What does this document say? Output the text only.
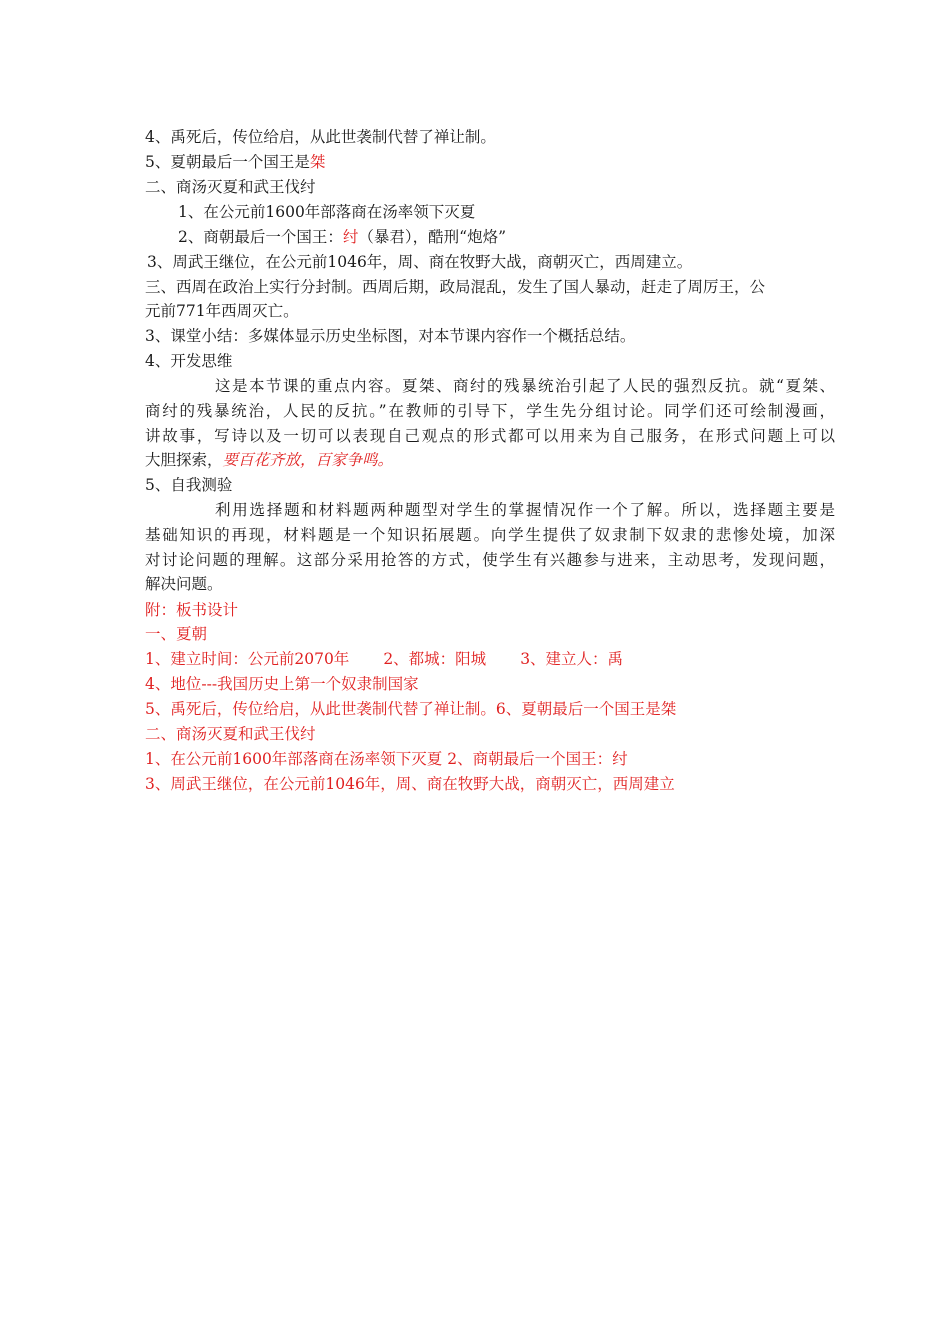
4、禹死后，传位给启，从此世袭制代替了禅让制。
5、夏朝最后一个国王是桀
二、商汤灭夏和武王伐纣
1、在公元前1600年部落商在汤率领下灭夏
2、商朝最后一个国王：纣（暴君），酷刑“炮烙”
3、周武王继位，在公元前1046年，周、商在牧野大战，商朝灭亡，西周建立。
三、西周在政治上实行分封制。西周后期，政局混乱，发生了国人暴动，赶走了周厉王，公
元前771年西周灭亡。
3、课堂小结：多媒体显示历史坐标图，对本节课内容作一个概括总结。
4、开发思维
这是本节课的重点内容。夏桀、商纣的残暴统治引起了人民的强烈反抗。就“夏桀、
商纣的残暴统治，人民的反抗。”在教师的引导下，学生先分组讨论。同学们还可绘制漫画，
讲故事，写诗以及一切可以表现自己观点的形式都可以用来为自己服务，在形式问题上可以
大胆探索，要百花齐放，百家争鸣。
5、自我测验
利用选择题和材料题两种题型对学生的掌握情况作一个了解。所以，选择题主要是
基础知识的再现，材料题是一个知识拓展题。向学生提供了奴隶制下奴隶的悲惨处境，加深
对讨论问题的理解。这部分采用抢答的方式，使学生有兴趣参与进来，主动思考，发现问题，
解决问题。
附：板书设计
一、夏朝
1、建立时间：公元前2070年 2、都城：阳城 3、建立人：禹
4、地位---我国历史上第一个奴隶制国家
5、禹死后，传位给启，从此世袭制代替了禅让制。6、夏朝最后一个国王是桀
二、商汤灭夏和武王伐纣
1、在公元前1600年部落商在汤率领下灭夏 2、商朝最后一个国王：纣
3、周武王继位，在公元前1046年，周、商在牧野大战，商朝灭亡，西周建立
